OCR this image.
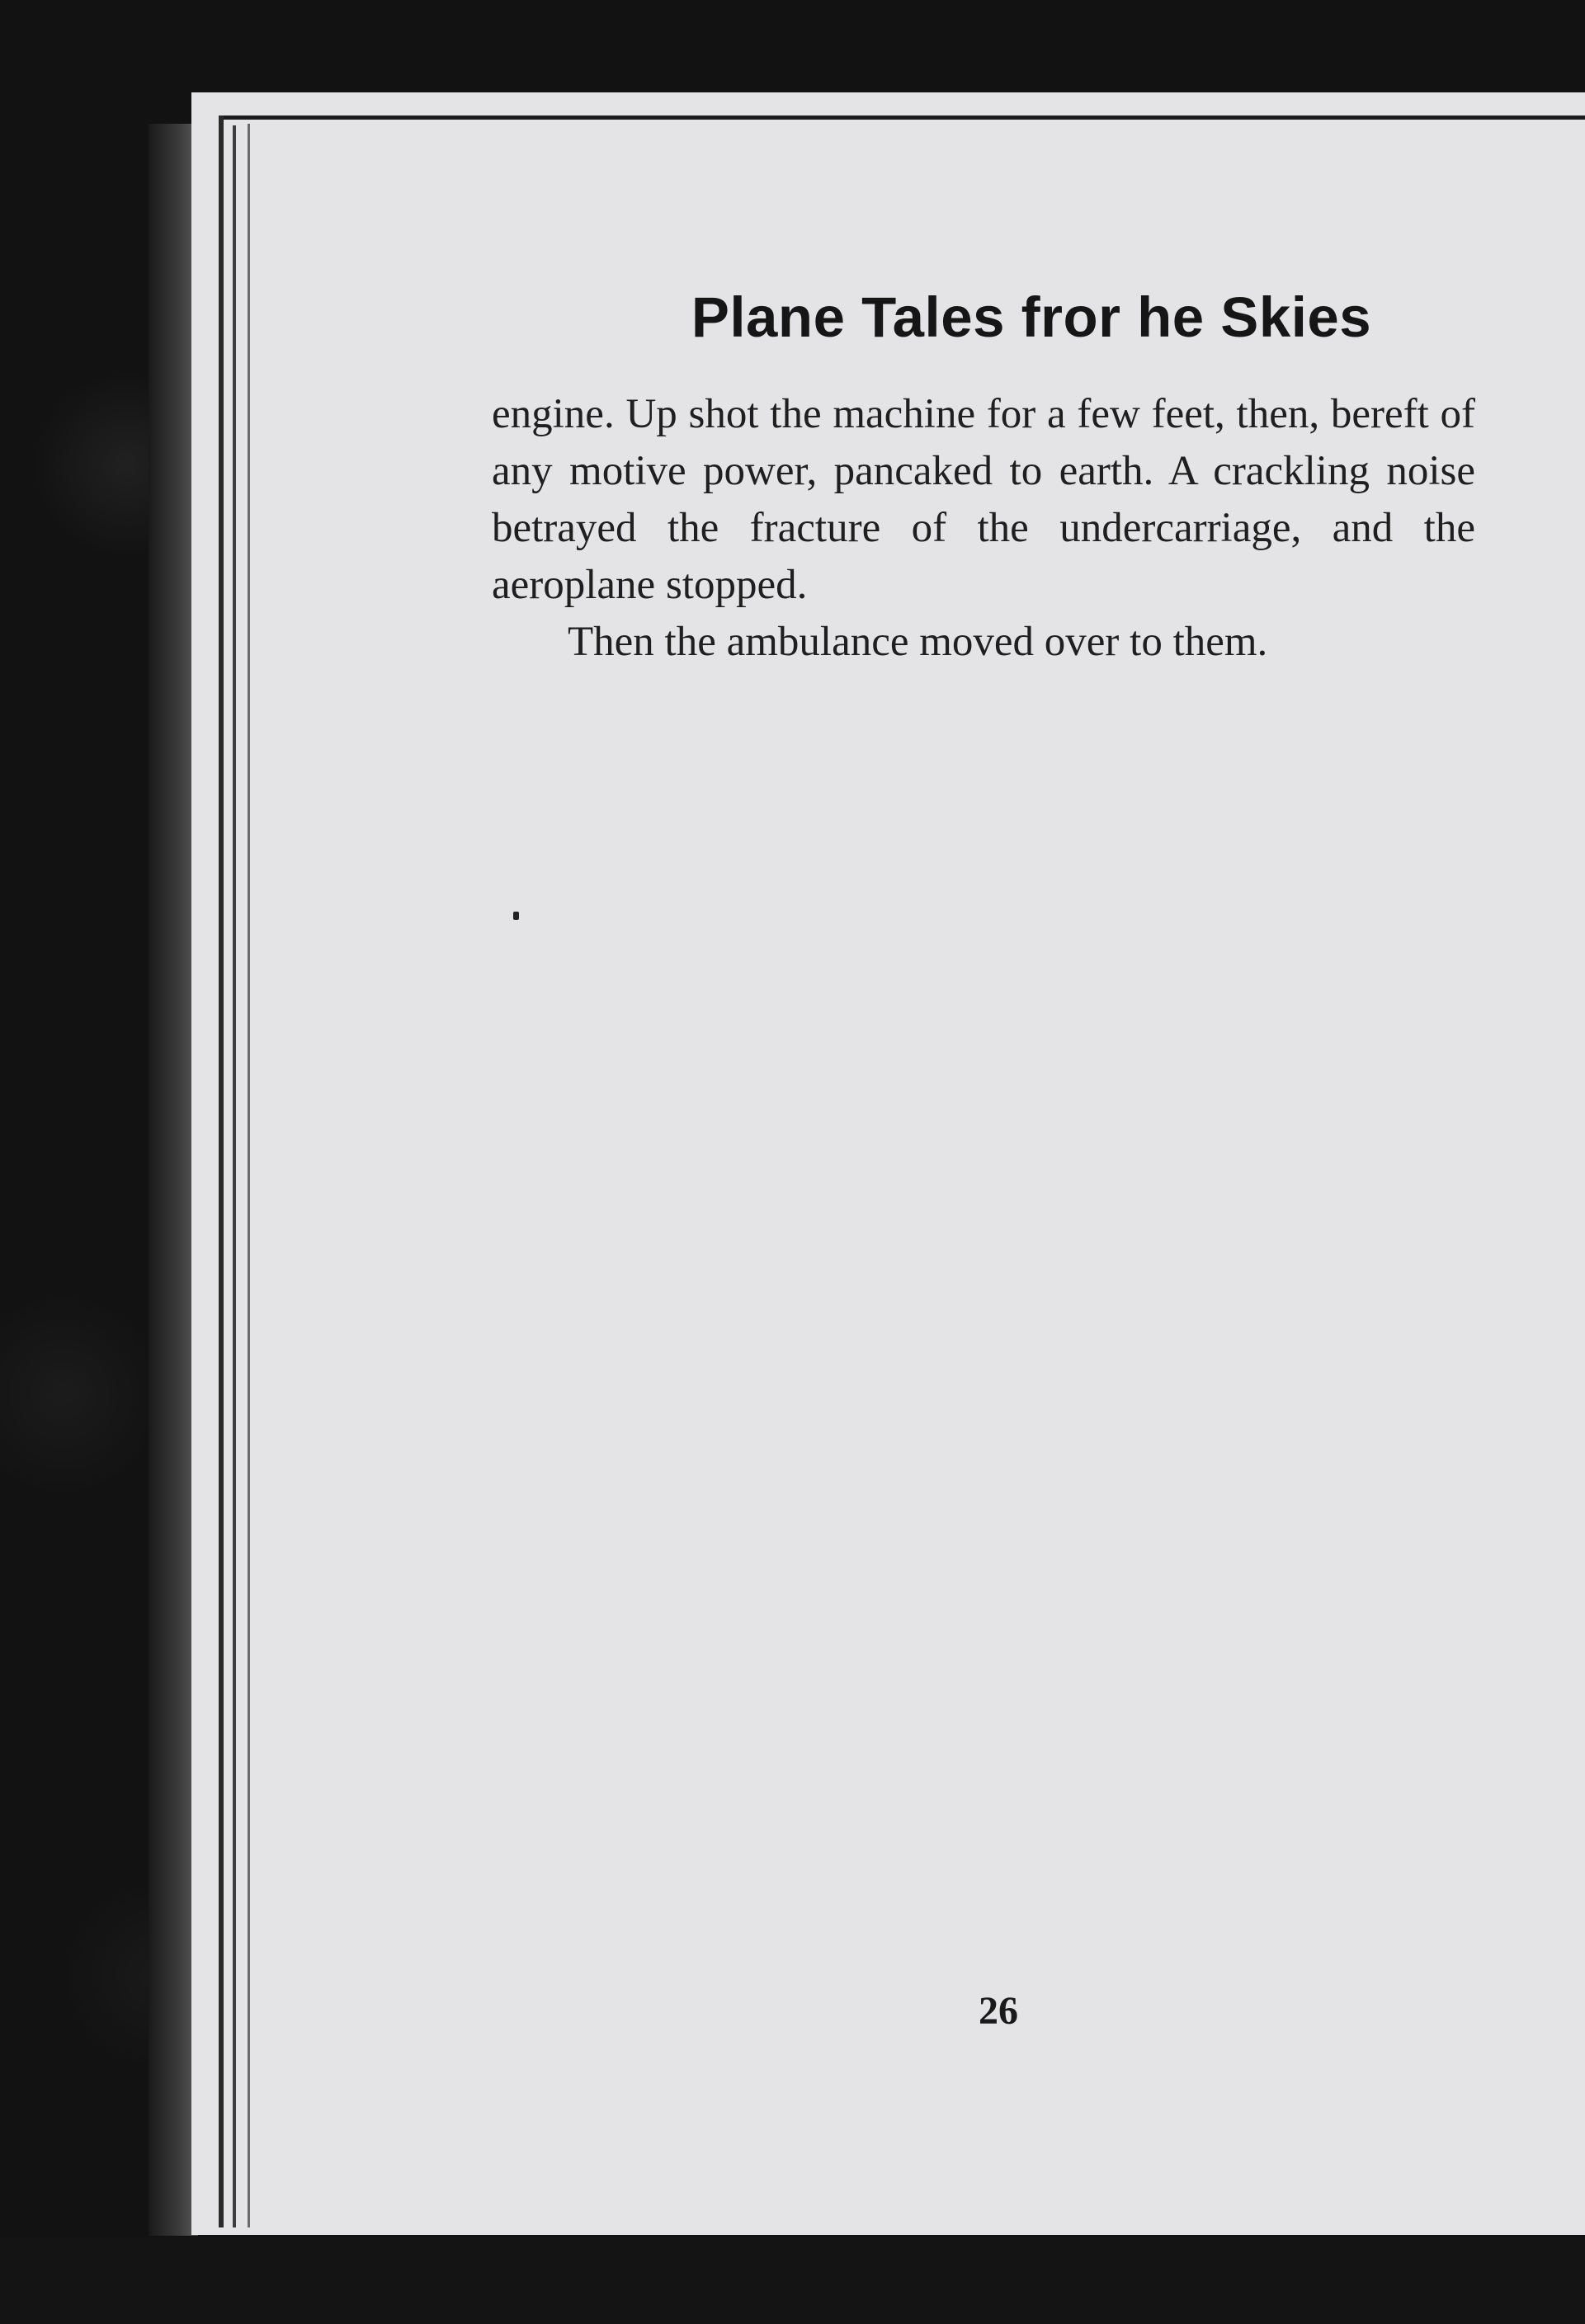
Plane Tales fror he Skies

engine. Up shot the machine for a few feet, then, bereft of any motive power, pancaked to earth. A crackling noise betrayed the fracture of the undercarriage, and the aeroplane stopped.

Then the ambulance moved over to them.

26
